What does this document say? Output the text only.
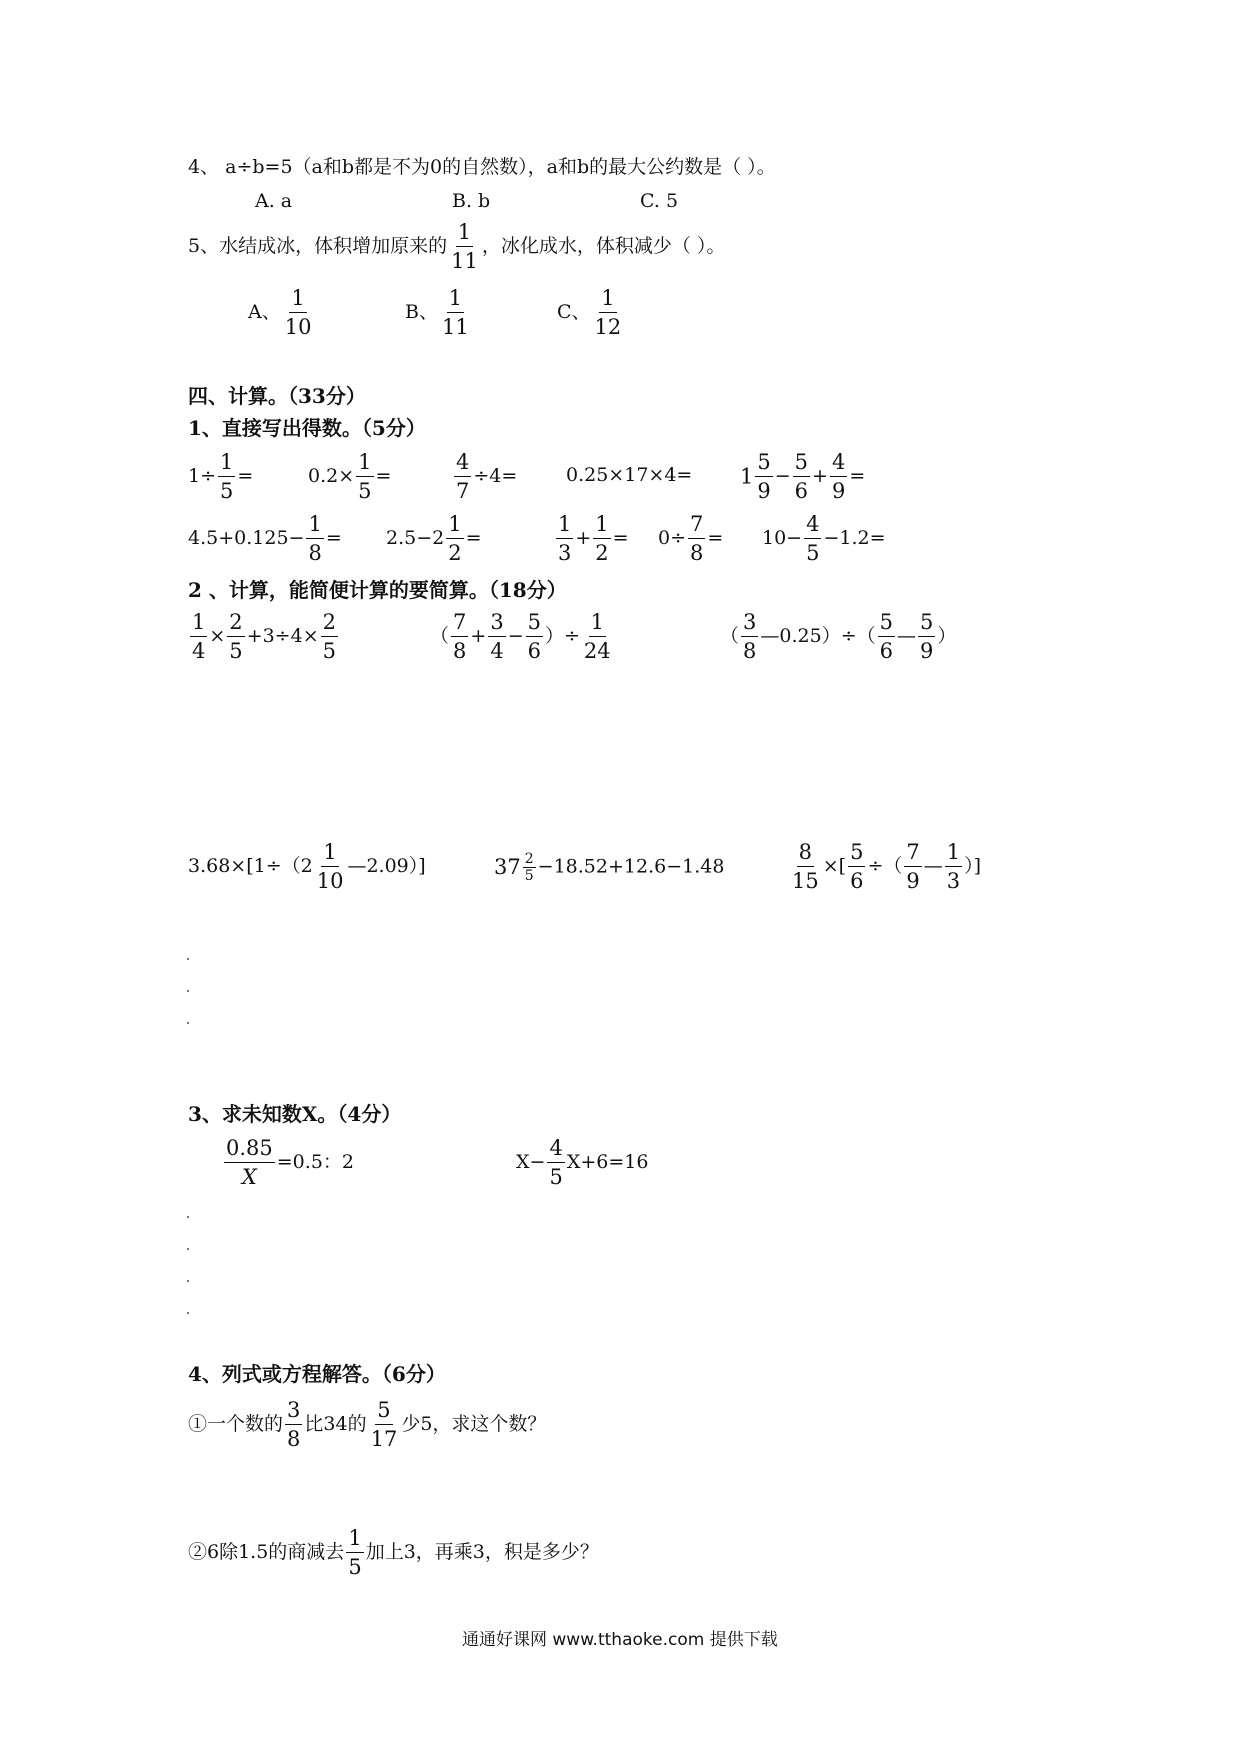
4、 a÷b=5（a和b都是不为0的自然数），a和b的最大公约数是（ ）。
A. a	B. b	C. 5
5、水结成冰，体积增加原来的 $\frac{1}{11}$ ，冰化成水，体积减少（ ）。
A、 $\frac{1}{10}$	B、 $\frac{1}{11}$	C、 $\frac{1}{12}$
四、计算。（33分）
1、直接写出得数。（5分）
$1\div \frac{1}{5}$ =	$0.2\times \frac{1}{5}$ =	$\frac{4}{7} \div 4=$	$0.25\times 17\times 4= 1 \frac{5}{9} - \frac{5}{6} + \frac{4}{9}$ =
$4.5+0.125- \frac{1}{8} = 2.5-2 \frac{1}{2}$ =	$\frac{1}{3} + \frac{1}{2} = 0\div \frac{7}{8} = 10- \frac{4}{5} -1.2=$
2 、计算，能简便计算的要简算。（18分）
$\frac{1}{4} \times \frac{2}{5} +3\div 4\times \frac{2}{5}$	（ $\frac{7}{8} + \frac{3}{4} - \frac{5}{6}$ ）÷ $\frac{1}{24}$	（ $\frac{3}{8}$ —0.25）÷（ $\frac{5}{6}$ — $\frac{5}{9}$ ）
$3.68\times[1\div(2 \frac{1}{10}$ —2.09）]	$37 \frac{2}{5} -18.52+12.6-1.48$	$\frac{8}{15}$ ×[ $\frac{5}{6}$ ÷（ $\frac{7}{9}$ — $\frac{1}{3}$ ）]
3、求未知数X。（4分）
$\frac{0.85}{X} =0.5$：2	$X- \frac{4}{5} X+6=16$
4、列式或方程解答。（6分）
①一个数的 $\frac{3}{8}$ 比34的 $\frac{5}{17}$ 少5，求这个数？
②6除1.5的商减去 $\frac{1}{5}$ 加上3，再乘3，积是多少？
通通好课网 www.tthaoke.com 提供下载
